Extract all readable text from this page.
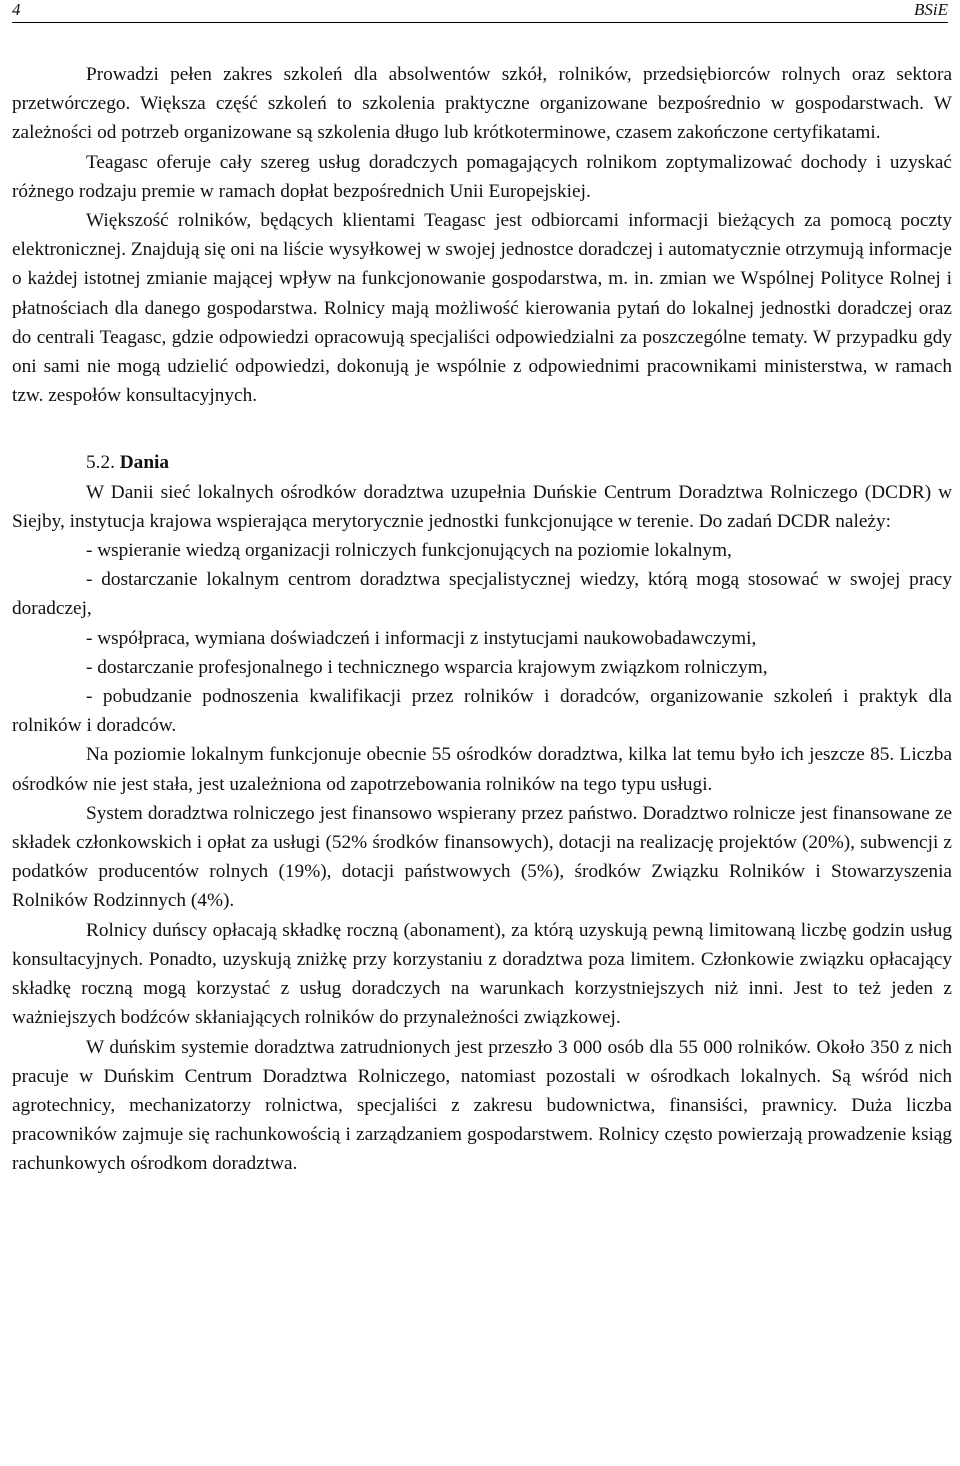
4	BSiE

Prowadzi pełen zakres szkoleń dla absolwentów szkół, rolników, przedsiębiorców rolnych oraz sektora przetwórczego. Większa część szkoleń to szkolenia praktyczne organizowane bezpośrednio w gospodarstwach. W zależności od potrzeb organizowane są szkolenia długo lub krótkoterminowe, czasem zakończone certyfikatami.

Teagasc oferuje cały szereg usług doradczych pomagających rolnikom zoptymalizować dochody i uzyskać różnego rodzaju premie w ramach dopłat bezpośrednich Unii Europejskiej.

Większość rolników, będących klientami Teagasc jest odbiorcami informacji bieżących za pomocą poczty elektronicznej. Znajdują się oni na liście wysyłkowej w swojej jednostce doradczej i automatycznie otrzymują informacje o każdej istotnej zmianie mającej wpływ na funkcjonowanie gospodarstwa, m. in. zmian we Wspólnej Polityce Rolnej i płatnościach dla danego gospodarstwa. Rolnicy mają możliwość kierowania pytań do lokalnej jednostki doradczej oraz do centrali Teagasc, gdzie odpowiedzi opracowują specjaliści odpowiedzialni za poszczególne tematy. W przypadku gdy oni sami nie mogą udzielić odpowiedzi, dokonują je wspólnie z odpowiednimi pracownikami ministerstwa, w ramach tzw. zespołów konsultacyjnych.

5.2. Dania

W Danii sieć lokalnych ośrodków doradztwa uzupełnia Duńskie Centrum Doradztwa Rolniczego (DCDR) w Siejby, instytucja krajowa wspierająca merytorycznie jednostki funkcjonujące w terenie. Do zadań DCDR należy:

- wspieranie wiedzą organizacji rolniczych funkcjonujących na poziomie lokalnym,

- dostarczanie lokalnym centrom doradztwa specjalistycznej wiedzy, którą mogą stosować w swojej pracy doradczej,

- współpraca, wymiana doświadczeń i informacji z instytucjami naukowobadawczymi,

- dostarczanie profesjonalnego i technicznego wsparcia krajowym związkom rolniczym,

- pobudzanie podnoszenia kwalifikacji przez rolników i doradców, organizowanie szkoleń i praktyk dla rolników i doradców.

Na poziomie lokalnym funkcjonuje obecnie 55 ośrodków doradztwa, kilka lat temu było ich jeszcze 85. Liczba ośrodków nie jest stała, jest uzależniona od zapotrzebowania rolników na tego typu usługi.

System doradztwa rolniczego jest finansowo wspierany przez państwo. Doradztwo rolnicze jest finansowane ze składek członkowskich i opłat za usługi (52% środków finansowych), dotacji na realizację projektów (20%), subwencji z podatków producentów rolnych (19%), dotacji państwowych (5%), środków Związku Rolników i Stowarzyszenia Rolników Rodzinnych (4%).

Rolnicy duńscy opłacają składkę roczną (abonament), za którą uzyskują pewną limitowaną liczbę godzin usług konsultacyjnych. Ponadto, uzyskują zniżkę przy korzystaniu z doradztwa poza limitem. Członkowie związku opłacający składkę roczną mogą korzystać z usług doradczych na warunkach korzystniejszych niż inni. Jest to też jeden z ważniejszych bodźców skłaniających rolników do przynależności związkowej.

W duńskim systemie doradztwa zatrudnionych jest przeszło 3 000 osób dla 55 000 rolników. Około 350 z nich pracuje w Duńskim Centrum Doradztwa Rolniczego, natomiast pozostali w ośrodkach lokalnych. Są wśród nich agrotechnicy, mechanizatorzy rolnictwa, specjaliści z zakresu budownictwa, finansiści, prawnicy. Duża liczba pracowników zajmuje się rachunkowością i zarządzaniem gospodarstwem. Rolnicy często powierzają prowadzenie ksiąg rachunkowych ośrodkom doradztwa.
